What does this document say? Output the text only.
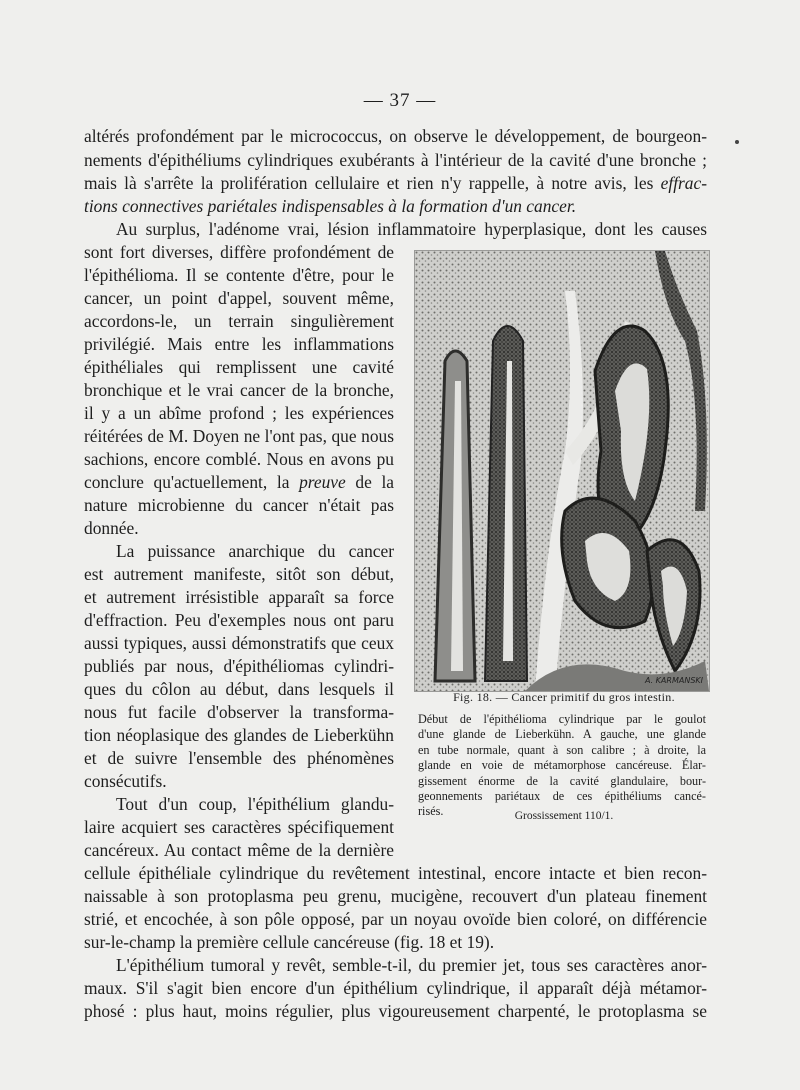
— 37 —
altérés profondément par le micrococcus, on observe le développement, de bourgeon-
nements d'épithéliums cylindriques exubérants à l'intérieur de la cavité d'une bronche ;
mais là s'arrête la prolifération cellulaire et rien n'y rappelle, à notre avis, les effrac-
tions connectives pariétales indispensables à la formation d'un cancer.
Au surplus, l'adénome vrai, lésion inflammatoire hyperplasique, dont les causes
sont fort diverses, diffère profondément de
l'épithélioma. Il se contente d'être, pour le
cancer, un point d'appel, souvent même,
accordons-le, un terrain singulièrement
privilégié. Mais entre les inflammations
épithéliales qui remplissent une cavité
bronchique et le vrai cancer de la bronche,
il y a un abîme profond ; les expériences
réitérées de M. Doyen ne l'ont pas, que nous
sachions, encore comblé. Nous en avons pu
conclure qu'actuellement, la preuve de la
nature microbienne du cancer n'était pas
donnée.
La puissance anarchique du cancer
est autrement manifeste, sitôt son début,
et autrement irrésistible apparaît sa force
d'effraction. Peu d'exemples nous ont paru
aussi typiques, aussi démonstratifs que ceux
publiés par nous, d'épithéliomas cylindri-
ques du côlon au début, dans lesquels il
nous fut facile d'observer la transforma-
tion néoplasique des glandes de Lieberkühn
et de suivre l'ensemble des phénomènes
consécutifs.
Tout d'un coup, l'épithélium glandu-
laire acquiert ses caractères spécifiquement
cancéreux. Au contact même de la dernière
cellule épithéliale cylindrique du revêtement intestinal, encore intacte et bien recon-
naissable à son protoplasma peu grenu, mucigène, recouvert d'un plateau finement
strié, et encochée, à son pôle opposé, par un noyau ovoïde bien coloré, on différencie
sur-le-champ la première cellule cancéreuse (fig. 18 et 19).
L'épithélium tumoral y revêt, semble-t-il, du premier jet, tous ses caractères anor-
maux. S'il s'agit bien encore d'un épithélium cylindrique, il apparaît déjà métamor-
phosé : plus haut, moins régulier, plus vigoureusement charpenté, le protoplasma se
A. KARMANSKI
Fig. 18. — Cancer primitif du gros intestin.
Début de l'épithélioma cylindrique par le goulot
d'une glande de Lieberkühn. A gauche, une glande
en tube normale, quant à son calibre ; à droite, la
glande en voie de métamorphose cancéreuse. Élar-
gissement énorme de la cavité glandulaire, bour-
geonnements pariétaux de ces épithéliums cancé-
risés.	Grossissement 110/1.
